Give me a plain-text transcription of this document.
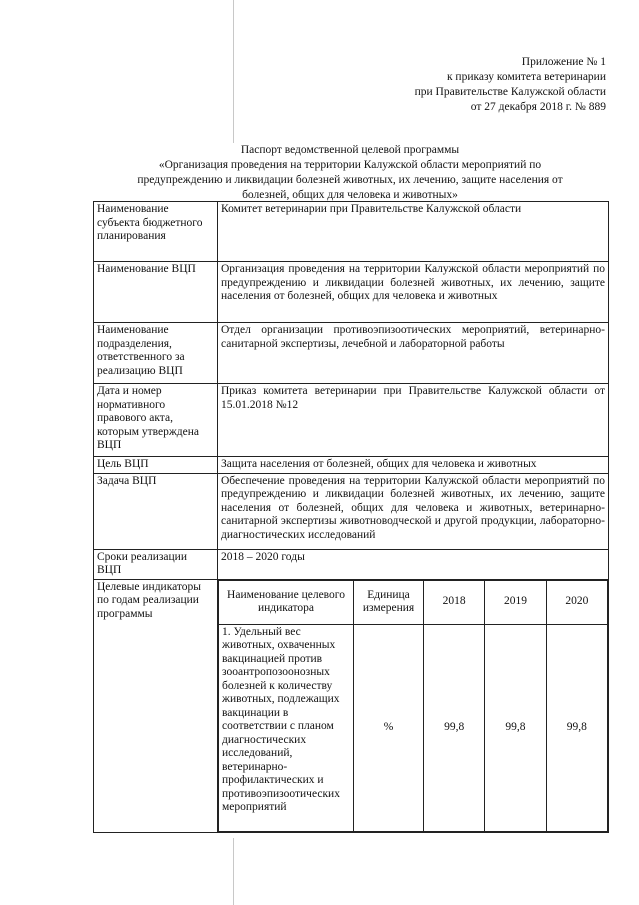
Приложение № 1
к приказу комитета ветеринарии
при Правительстве Калужской области
от 27 декабря 2018 г. № 889
Паспорт ведомственной целевой программы
«Организация проведения на территории Калужской области мероприятий по
предупреждению и ликвидации болезней животных, их лечению, защите населения от
болезней, общих для человека и животных»
Наименование субъекта бюджетного планирования	Комитет ветеринарии при Правительстве Калужской области
Наименование ВЦП	Организация проведения на территории Калужской области мероприятий по предупреждению и ликвидации болезней животных, их лечению, защите населения от болезней, общих для человека и животных
Наименование подразделения, ответственного за реализацию ВЦП	Отдел организации противоэпизоотических мероприятий, ветеринарно-санитарной экспертизы, лечебной и лабораторной работы
Дата и номер нормативного правового акта, которым утверждена ВЦП	Приказ комитета ветеринарии при Правительстве Калужской области от 15.01.2018 №12
Цель ВЦП	Защита населения от болезней, общих для человека и животных
Задача ВЦП	Обеспечение проведения на территории Калужской области мероприятий по предупреждению и ликвидации болезней животных, их лечению, защите населения от болезней, общих для человека и животных, ветеринарно-санитарной экспертизы животноводческой и другой продукции, лабораторно-диагностических исследований
Сроки реализации ВЦП	2018 – 2020 годы
Целевые индикаторы по годам реализации программы	
Наименование целевого индикатора	Единица измерения	2018	2019	2020
1. Удельный вес животных, охваченных вакцинацией против зооантропозоонозных болезней к количеству животных, подлежащих вакцинации в соответствии с планом диагностических исследований, ветеринарно-профилактических и противоэпизоотических мероприятий	%	99,8	99,8	99,8
